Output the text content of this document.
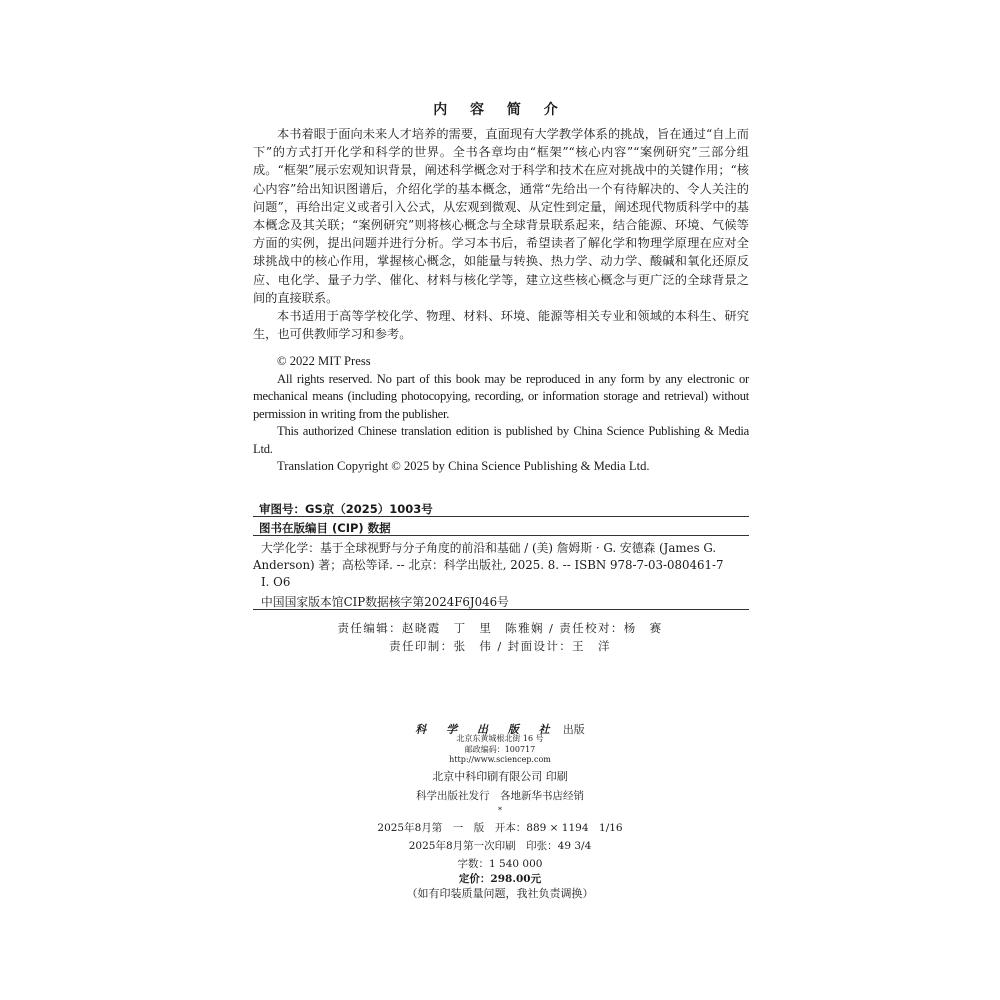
内 容 简 介

本书着眼于面向未来人才培养的需要，直面现有大学教学体系的挑战，旨在通过“自上而下”的方式打开化学和科学的世界。全书各章均由“框架”“核心内容”“案例研究”三部分组成。“框架”展示宏观知识背景，阐述科学概念对于科学和技术在应对挑战中的关键作用；“核心内容”给出知识图谱后，介绍化学的基本概念，通常“先给出一个有待解决的、令人关注的问题”，再给出定义或者引入公式，从宏观到微观、从定性到定量，阐述现代物质科学中的基本概念及其关联；“案例研究”则将核心概念与全球背景联系起来，结合能源、环境、气候等方面的实例，提出问题并进行分析。学习本书后，希望读者了解化学和物理学原理在应对全球挑战中的核心作用，掌握核心概念，如能量与转换、热力学、动力学、酸碱和氧化还原反应、电化学、量子力学、催化、材料与核化学等，建立这些核心概念与更广泛的全球背景之间的直接联系。

本书适用于高等学校化学、物理、材料、环境、能源等相关专业和领域的本科生、研究生，也可供教师学习和参考。

© 2022 MIT Press

All rights reserved. No part of this book may be reproduced in any form by any electronic or mechanical means (including photocopying, recording, or information storage and retrieval) without permission in writing from the publisher.

This authorized Chinese translation edition is published by China Science Publishing & Media Ltd.

Translation Copyright © 2025 by China Science Publishing & Media Ltd.

审图号：GS京（2025）1003号
图书在版编目 (CIP) 数据
大学化学：基于全球视野与分子角度的前沿和基础 / (美) 詹姆斯 · G. 安德森 (James G.
Anderson) 著；高松等译. -- 北京：科学出版社, 2025. 8. -- ISBN 978-7-03-080461-7
Ⅰ. O6
中国国家版本馆CIP数据核字第2024F6J046号
责任编辑：赵晓霞　丁　里　陈雅娴 / 责任校对：杨　赛
责任印制：张　伟 / 封面设计：王　洋
科 学 出 版 社 出版
北京东黄城根北街 16 号
邮政编码：100717
http://www.sciencep.com
北京中科印刷有限公司 印刷
科学出版社发行　各地新华书店经销
*
2025年8月第　一　版　开本：889 × 1194　1/16
2025年8月第一次印刷　印张：49 3/4
字数：1 540 000
定价：298.00元
（如有印装质量问题，我社负责调换）
